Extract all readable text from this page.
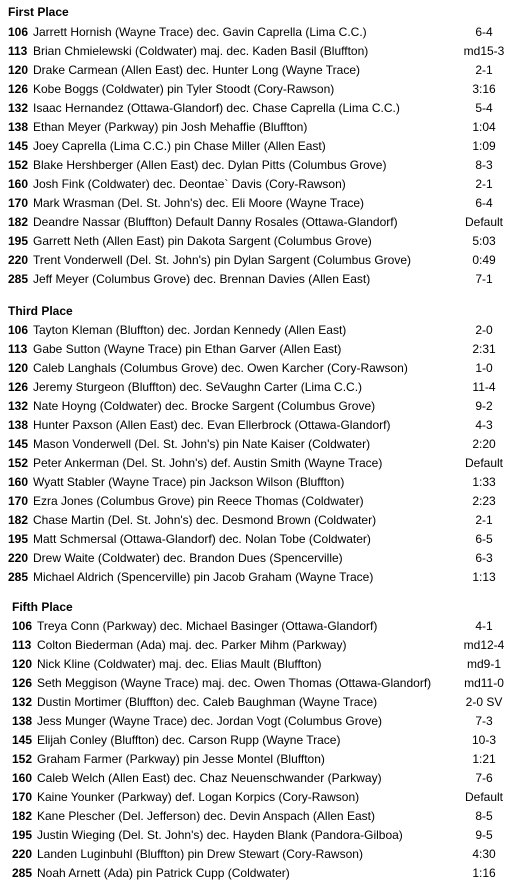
First Place
106 Jarrett Hornish (Wayne Trace) dec. Gavin Caprella (Lima C.C.)	6-4
113 Brian Chmielewski (Coldwater) maj. dec. Kaden Basil (Bluffton)	md15-3
120 Drake Carmean (Allen East) dec. Hunter Long (Wayne Trace)	2-1
126 Kobe Boggs (Coldwater) pin Tyler Stoodt (Cory-Rawson)	3:16
132 Isaac Hernandez (Ottawa-Glandorf) dec. Chase Caprella (Lima C.C.)	5-4
138 Ethan Meyer (Parkway) pin Josh Mehaffie (Bluffton)	1:04
145 Joey Caprella (Lima C.C.) pin Chase Miller (Allen East)	1:09
152 Blake Hershberger (Allen East) dec. Dylan Pitts (Columbus Grove)	8-3
160 Josh Fink (Coldwater) dec. Deontae` Davis (Cory-Rawson)	2-1
170 Mark Wrasman (Del. St. John's) dec. Eli Moore (Wayne Trace)	6-4
182 Deandre Nassar (Bluffton) Default Danny Rosales (Ottawa-Glandorf)	Default
195 Garrett Neth (Allen East) pin Dakota Sargent (Columbus Grove)	5:03
220 Trent Vonderwell (Del. St. John's) pin Dylan Sargent (Columbus Grove)	0:49
285 Jeff Meyer (Columbus Grove) dec. Brennan Davies (Allen East)	7-1
Third Place
106 Tayton Kleman (Bluffton) dec. Jordan Kennedy (Allen East)	2-0
113 Gabe Sutton (Wayne Trace) pin Ethan Garver (Allen East)	2:31
120 Caleb Langhals (Columbus Grove) dec. Owen Karcher (Cory-Rawson)	1-0
126 Jeremy Sturgeon (Bluffton) dec. SeVaughn Carter (Lima C.C.)	11-4
132 Nate Hoyng (Coldwater) dec. Brocke Sargent (Columbus Grove)	9-2
138 Hunter Paxson (Allen East) dec. Evan Ellerbrock (Ottawa-Glandorf)	4-3
145 Mason Vonderwell (Del. St. John's) pin Nate Kaiser (Coldwater)	2:20
152 Peter Ankerman (Del. St. John's) def. Austin Smith (Wayne Trace)	Default
160 Wyatt Stabler (Wayne Trace) pin Jackson Wilson (Bluffton)	1:33
170 Ezra Jones (Columbus Grove) pin Reece Thomas (Coldwater)	2:23
182 Chase Martin (Del. St. John's) dec. Desmond Brown (Coldwater)	2-1
195 Matt Schmersal (Ottawa-Glandorf) dec. Nolan Tobe (Coldwater)	6-5
220 Drew Waite (Coldwater) dec. Brandon Dues (Spencerville)	6-3
285 Michael Aldrich (Spencerville) pin Jacob Graham (Wayne Trace)	1:13
Fifth Place
106 Treya Conn (Parkway) dec. Michael Basinger (Ottawa-Glandorf)	4-1
113 Colton Biederman (Ada) maj. dec. Parker Mihm (Parkway)	md12-4
120 Nick Kline (Coldwater) maj. dec. Elias Mault (Bluffton)	md9-1
126 Seth Meggison (Wayne Trace) maj. dec. Owen Thomas (Ottawa-Glandorf)	md11-0
132 Dustin Mortimer (Bluffton) dec. Caleb Baughman (Wayne Trace)	2-0 SV
138 Jess Munger (Wayne Trace) dec. Jordan Vogt (Columbus Grove)	7-3
145 Elijah Conley (Bluffton) dec. Carson Rupp (Wayne Trace)	10-3
152 Graham Farmer (Parkway) pin Jesse Montel (Bluffton)	1:21
160 Caleb Welch (Allen East) dec. Chaz Neuenschwander (Parkway)	7-6
170 Kaine Younker (Parkway) def. Logan Korpics (Cory-Rawson)	Default
182 Kane Plescher (Del. Jefferson) dec. Devin Anspach (Allen East)	8-5
195 Justin Wieging (Del. St. John's) dec. Hayden Blank (Pandora-Gilboa)	9-5
220 Landen Luginbuhl (Bluffton) pin Drew Stewart (Cory-Rawson)	4:30
285 Noah Arnett (Ada) pin Patrick Cupp (Coldwater)	1:16
